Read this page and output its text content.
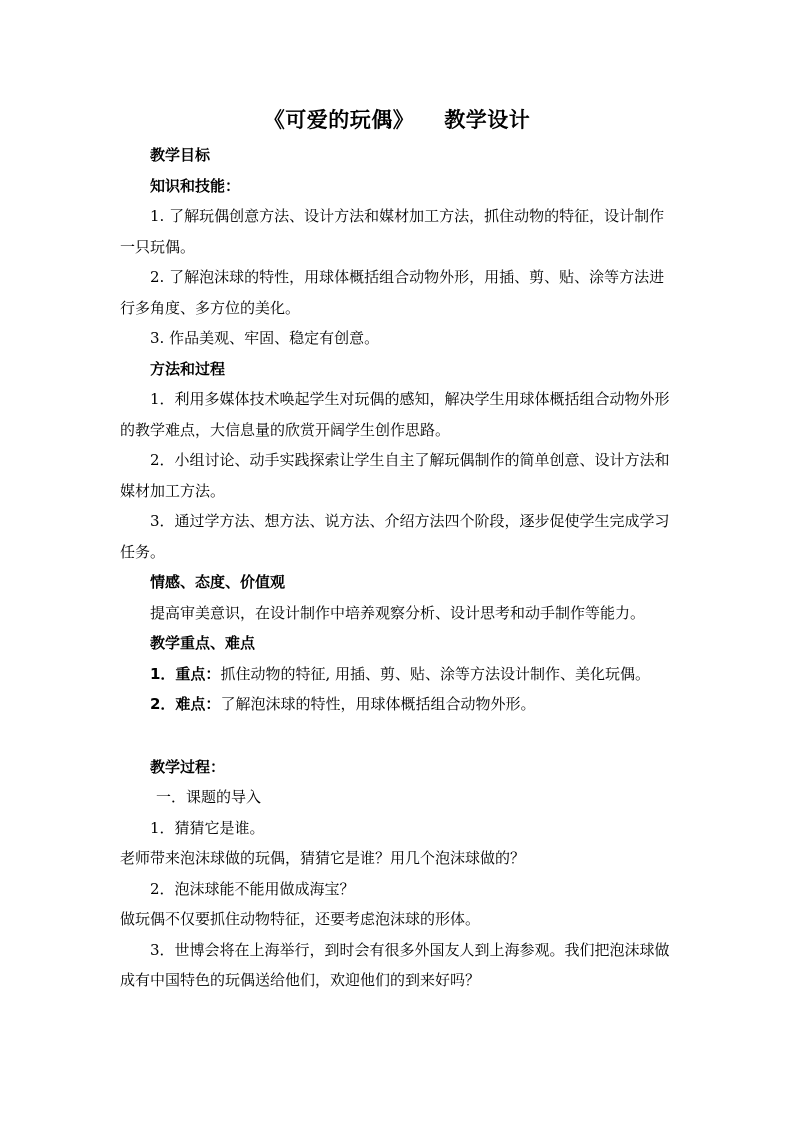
《可爱的玩偶》 教学设计

教学目标

知识和技能：

1. 了解玩偶创意方法、设计方法和媒材加工方法，抓住动物的特征，设计制作一只玩偶。

2. 了解泡沫球的特性，用球体概括组合动物外形，用插、剪、贴、涂等方法进行多角度、多方位的美化。

3. 作品美观、牢固、稳定有创意。

方法和过程

1．利用多媒体技术唤起学生对玩偶的感知，解决学生用球体概括组合动物外形的教学难点，大信息量的欣赏开阔学生创作思路。

2．小组讨论、动手实践探索让学生自主了解玩偶制作的简单创意、设计方法和媒材加工方法。

3．通过学方法、想方法、说方法、介绍方法四个阶段，逐步促使学生完成学习任务。

情感、态度、价值观

提高审美意识，在设计制作中培养观察分析、设计思考和动手制作等能力。

教学重点、难点

1．重点：抓住动物的特征, 用插、剪、贴、涂等方法设计制作、美化玩偶。

2．难点：了解泡沫球的特性，用球体概括组合动物外形。

教学过程：

一．课题的导入

1．猜猜它是谁。

老师带来泡沫球做的玩偶，猜猜它是谁？用几个泡沫球做的？

2．泡沫球能不能用做成海宝？

做玩偶不仅要抓住动物特征，还要考虑泡沫球的形体。

3．世博会将在上海举行，到时会有很多外国友人到上海参观。我们把泡沫球做成有中国特色的玩偶送给他们，欢迎他们的到来好吗？
